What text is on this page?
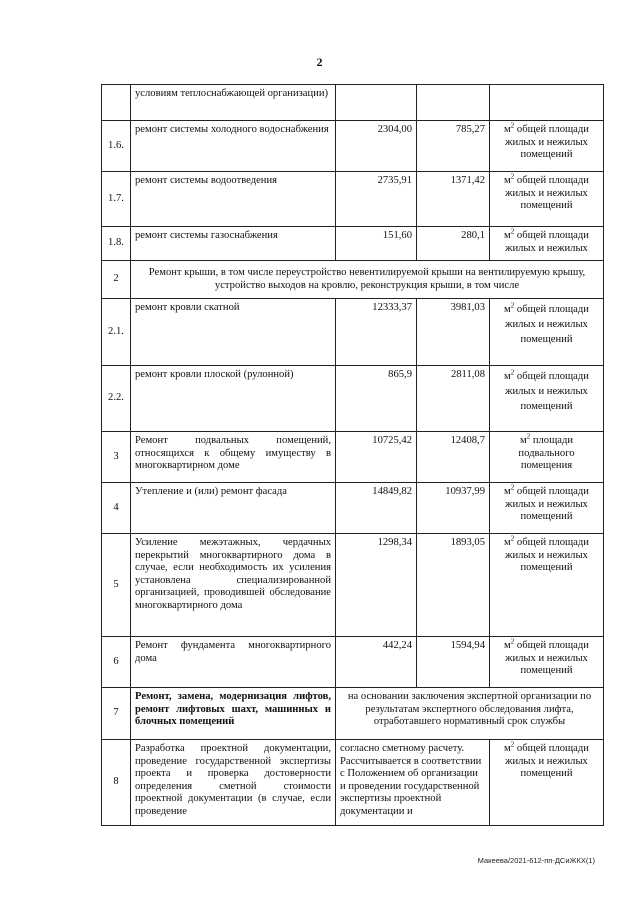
2
	условиям теплоснабжающей организации)			
1.6.	ремонт системы холодного водоснабжения	2304,00	785,27	$м^2$ общей площади жилых и нежилых помещений
1.7.	ремонт системы водоотведения	2735,91	1371,42	$м^2$ общей площади жилых и нежилых помещений
1.8.	ремонт системы газоснабжения	151,60	280,1	$м^2$ общей площади жилых и нежилых
2	Ремонт крыши, в том числе переустройство невентилируемой крыши на вентилируемую крышу, устройство выходов на кровлю, реконструкция крыши, в том числе			
2.1.	ремонт кровли скатной	12333,37	3981,03	$м^2$ общей площади жилых и нежилых помещений
2.2.	ремонт кровли плоской (рулонной)	865,9	2811,08	$м^2$ общей площади жилых и нежилых помещений
3	Ремонт подвальных помещений, относящихся к общему имуществу в многоквартирном доме	10725,42	12408,7	$м^2$ площади подвального помещения
4	Утепление и (или) ремонт фасада	14849,82	10937,99	$м^2$ общей площади жилых и нежилых помещений
5	Усиление межэтажных, чердачных перекрытий многоквартирного дома в случае, если необходимость их усиления установлена специализированной организацией, проводившей обследование многоквартирного дома	1298,34	1893,05	$м^2$ общей площади жилых и нежилых помещений
6	Ремонт фундамента многоквартирного дома	442,24	1594,94	$м^2$ общей площади жилых и нежилых помещений
7	Ремонт, замена, модернизация лифтов, ремонт лифтовых шахт, машинных и блочных помещений	на основании заключения экспертной организации по результатам экспертного обследования лифта, отработавшего нормативный срок службы		
8	Разработка проектной документации, проведение государственной экспертизы проекта и проверка достоверности определения сметной стоимости проектной документации (в случае, если проведение	согласно сметному расчету. Рассчитывается в соответствии с Положением об организации и проведении государственной экспертизы проектной документации и		$м^2$ общей площади жилых и нежилых помещений
Макеева/2021-612-пп-ДСиЖКХ(1)
